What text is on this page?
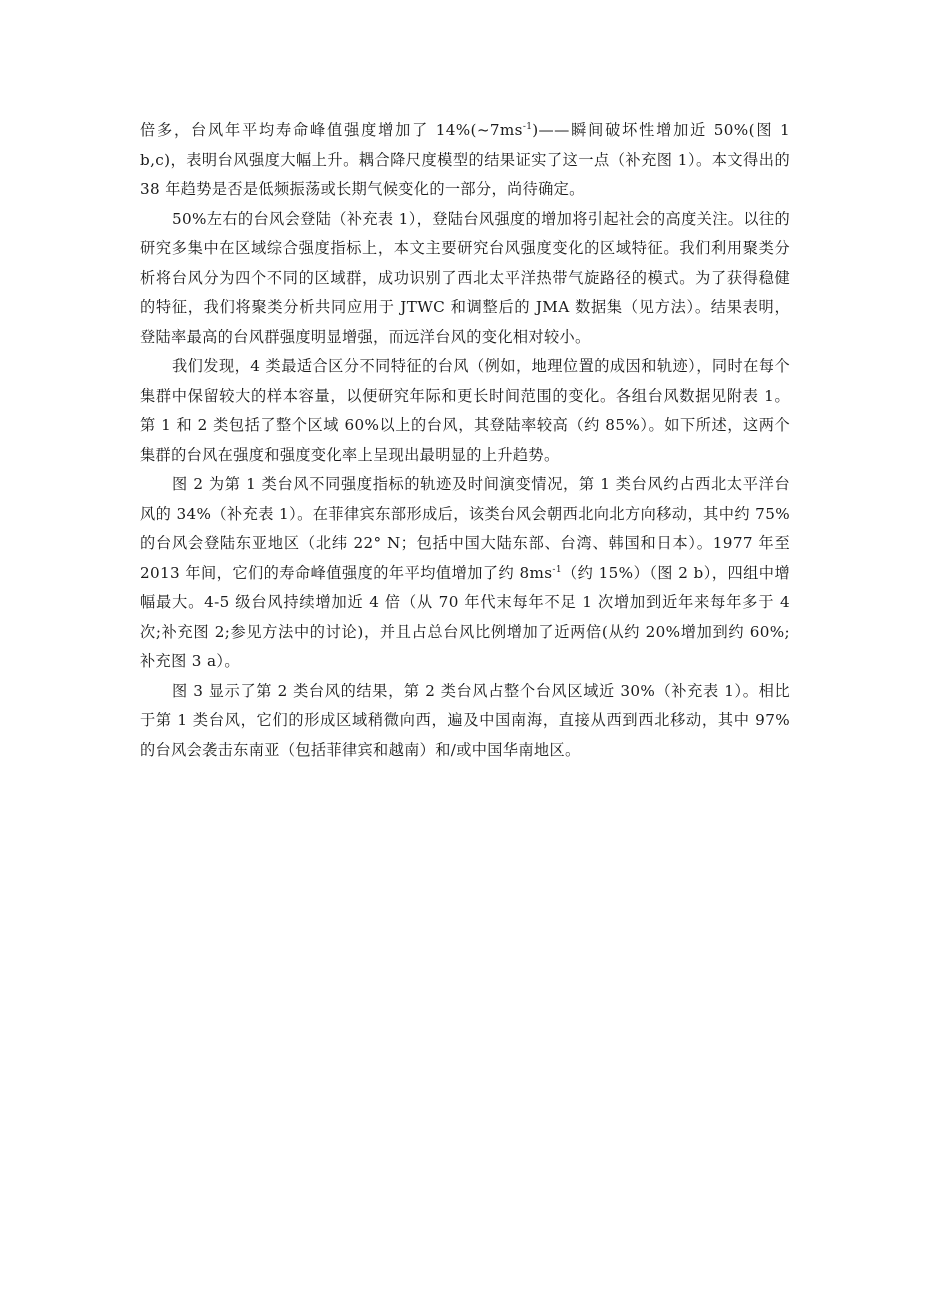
倍多，台风年平均寿命峰值强度增加了 $14\%(\sim 7ms^{-1})——$瞬间破坏性增加近 50%(图 1 b,c)，表明台风强度大幅上升。耦合降尺度模型的结果证实了这一点（补充图 1）。本文得出的 38 年趋势是否是低频振荡或长期气候变化的一部分，尚待确定。

50%左右的台风会登陆（补充表 1），登陆台风强度的增加将引起社会的高度关注。以往的研究多集中在区域综合强度指标上，本文主要研究台风强度变化的区域特征。我们利用聚类分析将台风分为四个不同的区域群，成功识别了西北太平洋热带气旋路径的模式。为了获得稳健的特征，我们将聚类分析共同应用于 JTWC 和调整后的 JMA 数据集（见方法）。结果表明，登陆率最高的台风群强度明显增强，而远洋台风的变化相对较小。

我们发现，4 类最适合区分不同特征的台风（例如，地理位置的成因和轨迹），同时在每个集群中保留较大的样本容量，以便研究年际和更长时间范围的变化。各组台风数据见附表 1。第 1 和 2 类包括了整个区域 60%以上的台风，其登陆率较高（约 85%）。如下所述，这两个集群的台风在强度和强度变化率上呈现出最明显的上升趋势。

图 2 为第 1 类台风不同强度指标的轨迹及时间演变情况，第 1 类台风约占西北太平洋台风的 34%（补充表 1）。在菲律宾东部形成后，该类台风会朝西北向北方向移动，其中约 75%的台风会登陆东亚地区（北纬 22° N；包括中国大陆东部、台湾、韩国和日本）。1977 年至 2013 年间，它们的寿命峰值强度的年平均值增加了约 $8ms^{-1}$（约 15%）（图 2 b），四组中增幅最大。4-5 级台风持续增加近 4 倍（从 70 年代末每年不足 1 次增加到近年来每年多于 4 次;补充图 2;参见方法中的讨论)，并且占总台风比例增加了近两倍(从约 20%增加到约 60%;补充图 3 a）。

图 3 显示了第 2 类台风的结果，第 2 类台风占整个台风区域近 30%（补充表 1）。相比于第 1 类台风，它们的形成区域稍微向西，遍及中国南海，直接从西到西北移动，其中 97%的台风会袭击东南亚（包括菲律宾和越南）和/或中国华南地区。
